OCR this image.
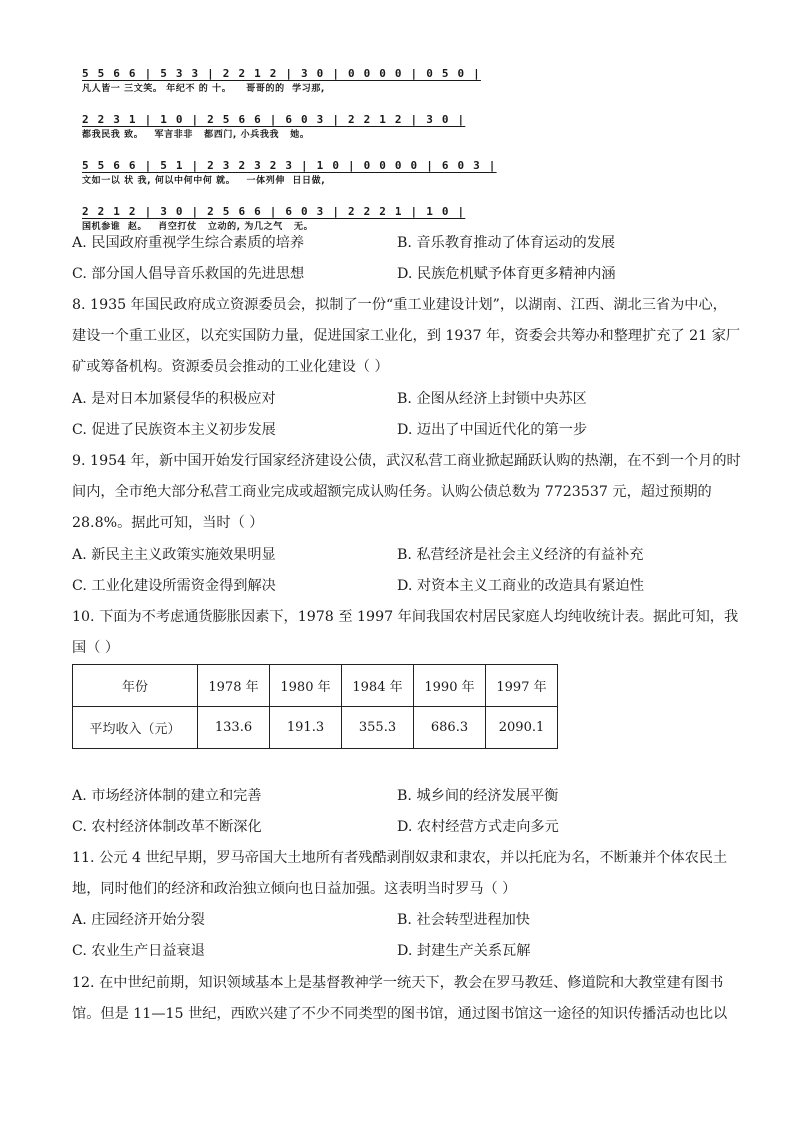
5 5 6 6 | 5 3 3 | 2 2 1 2 | 3 0 | 0 0 0 0 | 0 5 0 |
凡人皆一 三文笑。 年纪不 的 十。    哥哥的的  学习那,
2 2 3 1 | 1 0 | 2 5 6 6 | 6 0 3 | 2 2 1 2 | 3 0 |
都我民我 致。   军言非非   都西门, 小兵我我   她。
5 5 6 6 | 5 1 | 2 3 2 3 2 3 | 1 0 | 0 0 0 0 | 6 0 3 |
文如一以 状 我, 何以中何中何 就。   一体列伸  日日做,
2 2 1 2 | 3 0 | 2 5 6 6 | 6 0 3 | 2 2 2 1 | 1 0 |
国机参谁  赵。   肖空打仗   立动的, 为几之气   无。
A. 民国政府重视学生综合素质的培养	B. 音乐教育推动了体育运动的发展
C. 部分国人倡导音乐救国的先进思想	D. 民族危机赋予体育更多精神内涵
8. 1935 年国民政府成立资源委员会，拟制了一份“重工业建设计划”，以湖南、江西、湖北三省为中心，
建设一个重工业区，以充实国防力量，促进国家工业化，到 1937 年，资委会共筹办和整理扩充了 21 家厂
矿或筹备机构。资源委员会推动的工业化建设（ ）
A. 是对日本加紧侵华的积极应对	B. 企图从经济上封锁中央苏区
C. 促进了民族资本主义初步发展	D. 迈出了中国近代化的第一步
9. 1954 年，新中国开始发行国家经济建设公债，武汉私营工商业掀起踊跃认购的热潮，在不到一个月的时
间内，全市绝大部分私营工商业完成或超额完成认购任务。认购公债总数为 7723537 元，超过预期的
28.8%。据此可知，当时（ ）
A. 新民主主义政策实施效果明显	B. 私营经济是社会主义经济的有益补充
C. 工业化建设所需资金得到解决	D. 对资本主义工商业的改造具有紧迫性
10. 下面为不考虑通货膨胀因素下，1978 至 1997 年间我国农村居民家庭人均纯收统计表。据此可知，我
国（ ）
年份	1978 年	1980 年	1984 年	1990 年	1997 年
平均收入（元）	133.6	191.3	355.3	686.3	2090.1
A. 市场经济体制的建立和完善	B. 城乡间的经济发展平衡
C. 农村经济体制改革不断深化	D. 农村经营方式走向多元
11. 公元 4 世纪早期，罗马帝国大土地所有者残酷剥削奴隶和隶农，并以托庇为名，不断兼并个体农民土
地，同时他们的经济和政治独立倾向也日益加强。这表明当时罗马（ ）
A. 庄园经济开始分裂	B. 社会转型进程加快
C. 农业生产日益衰退	D. 封建生产关系瓦解
12. 在中世纪前期，知识领域基本上是基督教神学一统天下，教会在罗马教廷、修道院和大教堂建有图书
馆。但是 11—15 世纪，西欧兴建了不少不同类型的图书馆，通过图书馆这一途径的知识传播活动也比以
